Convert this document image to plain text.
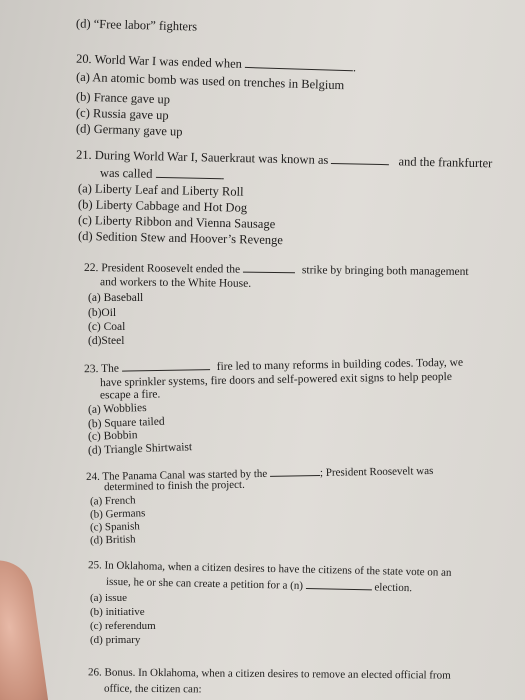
(d) “Free labor” fighters
20. World War I was ended when	.
(a) An atomic bomb was used on trenches in Belgium
(b) France gave up
(c) Russia gave up
(d) Germany gave up
21. During World War I, Sauerkraut was known as	and the frankfurter
was called	.
(a) Liberty Leaf and Liberty Roll
(b) Liberty Cabbage and Hot Dog
(c) Liberty Ribbon and Vienna Sausage
(d) Sedition Stew and Hoover’s Revenge
22. President Roosevelt ended the	strike by bringing both management
and workers to the White House.
(a) Baseball
(b)Oil
(c) Coal
(d)Steel
23. The	fire led to many reforms in building codes. Today, we
have sprinkler systems, fire doors and self-powered exit signs to help people
escape a fire.
(a) Wobblies
(b) Square tailed
(c) Bobbin
(d) Triangle Shirtwaist
24. The Panama Canal was started by the	; President Roosevelt was
determined to finish the project.
(a) French
(b) Germans
(c) Spanish
(d) British
25. In Oklahoma, when a citizen desires to have the citizens of the state vote on an
issue, he or she can create a petition for a (n)	election.
(a) issue
(b) initiative
(c) referendum
(d) primary
26. Bonus. In Oklahoma, when a citizen desires to remove an elected official from
office, the citizen can:
